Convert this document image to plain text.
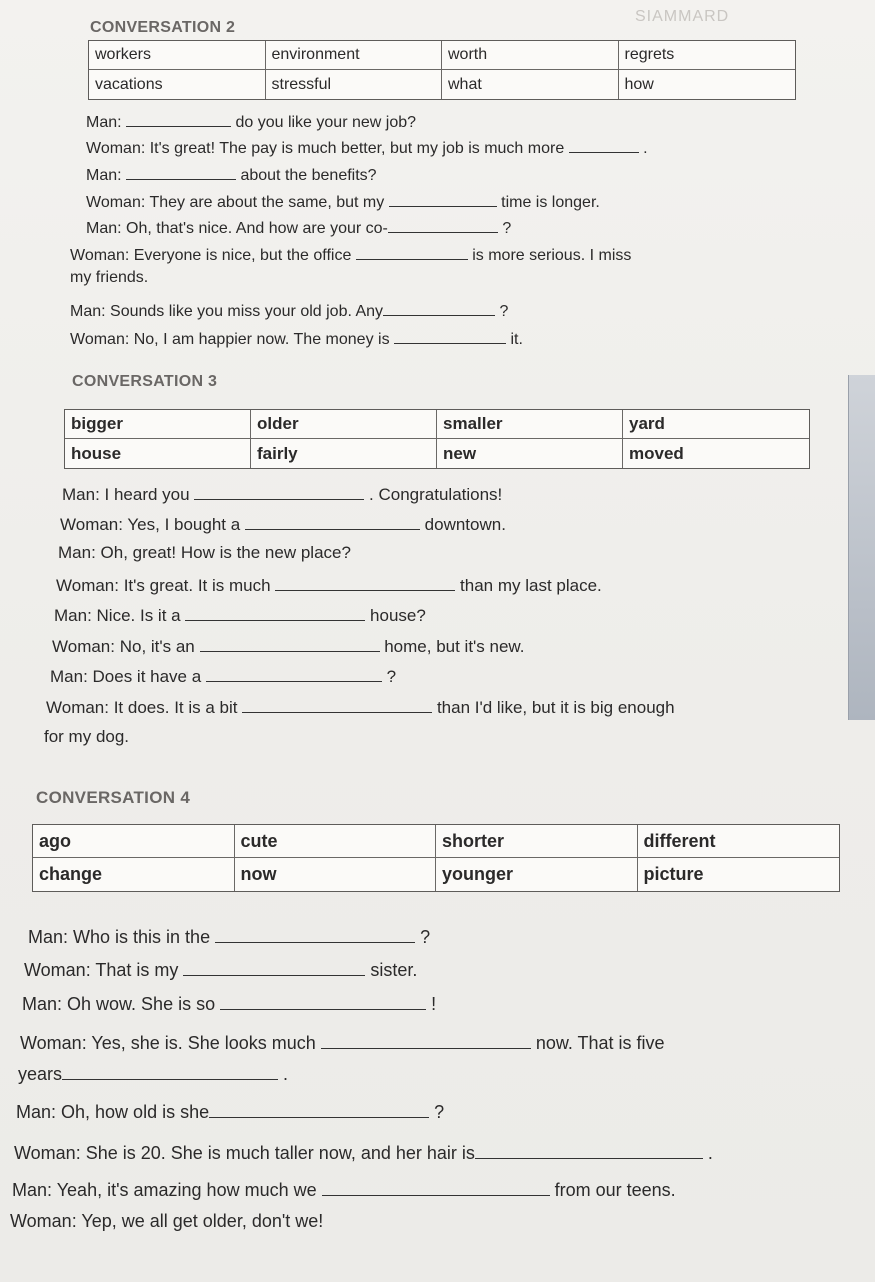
SIAMMARD
CONVERSATION 2
workers	environment	worth	regrets
vacations	stressful	what	how
Man:	do you like your new job?
Woman: It's great! The pay is much better, but my job is much more	.
Man:	about the benefits?
Woman: They are about the same, but my	time is longer.
Man: Oh, that's nice. And how are your co-	?
Woman: Everyone is nice, but the office	is more serious. I miss
my friends.
Man: Sounds like you miss your old job. Any	?
Woman: No, I am happier now. The money is	it.
CONVERSATION 3
bigger	older	smaller	yard
house	fairly	new	moved
Man: I heard you	. Congratulations!
Woman: Yes, I bought a	downtown.
Man: Oh, great! How is the new place?
Woman: It's great. It is much	than my last place.
Man: Nice. Is it a	house?
Woman: No, it's an	home, but it's new.
Man: Does it have a	?
Woman: It does. It is a bit	than I'd like, but it is big enough
for my dog.
CONVERSATION 4
ago	cute	shorter	different
change	now	younger	picture
Man: Who is this in the	?
Woman: That is my	sister.
Man: Oh wow. She is so	!
Woman: Yes, she is. She looks much	now. That is five
years	.
Man: Oh, how old is she	?
Woman: She is 20. She is much taller now, and her hair is	.
Man: Yeah, it's amazing how much we	from our teens.
Woman: Yep, we all get older, don't we!
